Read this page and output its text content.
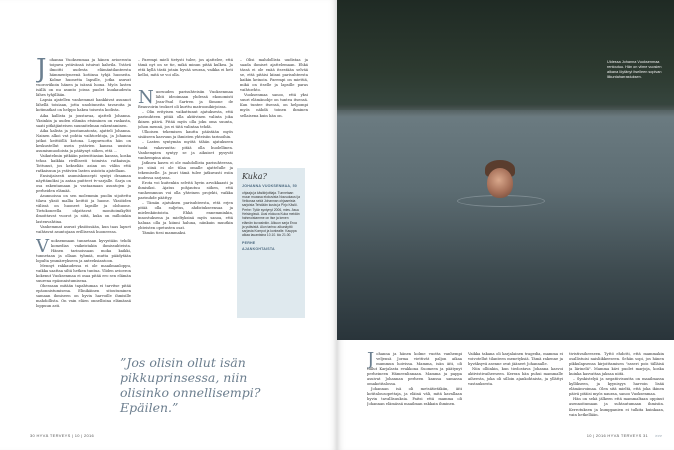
J ohanna Vuoksenmaa ja hänen avioerosta toipuva ystävänsä istuivat kahvila. Ystävä ilmoitti uudesta elämäntilanteesta hämmentyneenä kotiinsa tyhjä huoneita. Kolme huonetta lapsille, jotka asuvat vuoroviikoin hänen ja isänsä luona. Myös lasten isällä on nu asunto joissa puolet kuukaudesta lähes tyhjillään.

Lapsia ajatellen vanhemmat hankkivat asunnot lähellä toisiaan, jotta unohtuneita tavaroita ja kotimatkat on helppo hakea toisesta kodista.

Aika kallista ja joustavaa, ajatteli Johanna. Yksinkin ja uuden elämän etsiminen on raskasta, saati pitkäjänteisen suunnitelman rakentaminen.

Aika kalista ja joustamatonta, ajatteli Johanna. Nainen alkoi vat pohtia vaihtoehtoja, ja Johanna jatkoi keittiöllä kotona. Loppuvuotta hän on keskustellut usein ystävien kanssa uusista asumismuodoista ja päätynyt siihen, että ...

Vaikutelmin pitkään patenttiasian kanssa, koska tehoa kaikkia rivillisesti toimivia ratkaisuja. Tottunut, jos kekseliäs asian on väliin että ratkaisuun ja ystävien lasten asioista ajatellaan.

Ensisijaisesti asumiskonsepti syntyi draaman näyttämöksi ja antaa puitteet tv-sarjalle. Sarja on osa rakentamaan ja vastaamaan asuntojen ja perheiden elämää.

Asunnoissa on sen molemmin puolin sijoitettu tilava yksiö mallia keittiö ja huone. Yksiöiden välissä on huoneet lapsille ja olohuone. Tietokoneella ohjattavat monitoimikyltit ilmoittavat vuorot ja siitä, kuka on milloinkin lastenvahtina.

Vanhemmat asuvat yksiöissään, kun taas lapset vaihtavat asuntojaan erillisessä huoneessa.

V uoksenmaan tunnetaan kyvystään tehdä komedias vaikeistakin ihmissuhteista. Hänen tarinoissaan moka kaikki, tunnetaan ja ollaan tyhmiä, mutta päädytään lopulta ymmärrykseen ja anteeksiantoon.

Mennyt rakkaudessa ei ole maailmanloppu, vaikka saattaa siltä hetken tuntua. Yliden avioeron kokenut Vuoksenmaa ei osaa pitää ero sen elämän suurena epäonnistumisena.

Ohessaan mitään tapahtumaa ei tarvitse pitää epäonnistumisena. Elinikäinen sitoutuminen samaan ihmiseen on hyvin harvoille ihmisille mahdollista. On vain eläen onnellisina elämänsä loppuun asti.

– Parempi mieli tietysti tulee, jos ajattelee, että tämä nyt on se tie, mikä minun pitää kulkea. Ja että kyllä tästä jotain hyvää seuraa, vaikka ei heti kelloi, mitä se voi olla.

N uoruuden parisuhteisiin Vuoksenmaa lähti ideoimaan yhdessä ekonomisti Jean-Paul Sartren ja Simone de Beauvoirin teokset oli kurttu matroonikirjoissa.

– Olin erityisen vaikuttunut ajatuksesta, että parisuhteen pitää olla aktiivinen valinta joka ikinen päivä. Pitää myös olla joku oma suunta, johon mennä, jos ei tätä valintaa tehdä.

Ulkoisen tekemisen kautta päästään myös sisäiseen kasvuun ja ihmisten yhteisiin tarinoihin.

– Lasten syntymän myötä tähän ajatukseen tuoki vakavuutta: pitää olla huolellinen. Vanhempien syntyy se ja aikuiset pysyvät vanhempina aina.

Jatkuva kasvu ei ole mahdollista parisuhteessa, jos siinä ei ole tilaa omalle ajattelulle ja tekemiselle. Ja juuri tämä tulee jatkuvasti esiin uudessa sarjassa.

Erota voi kuitenkin selvitä hyvin arvokkaasti ja ihmisiksi. Ajatus pohjautuu siihen, että vanhemmuus voi olla yhteinen projekti, vaikka parisuhde päättyy.

– Tämän ajatuksen parisuhteesta, että erjen pitää olla suljetus, ahdistukseensaa ja mielenkiintoista. Ehkä ennemminkin, innostuksena ja mieltyksinä myös sanoa, että haluaa olla ja kiinni haluna, niinkuin muutkin yhteisten opetusten osat.

Tämän tiesi mammaksi.

– Olisi mahdollista uudistaa ja saada ihmiset ajattelemaan. Ehkä tässä ei ole enää itsestään selvää se, että pitäisi kiinni parisuhteesta kaikin keinoin. Parempi on miettiä, mikä on itselle ja lapsille paras vaihtoehto.

Vuoksenmaa sanoo, että yksi suuri elämänohje on tuntea itsensä. Kun tuntee itsensä, on helpompi myös nähdä toinen ihminen sellaisena kuin hän on.

Kuka?
JOHANNA VUOKSENMAA, 50
ohjaaja ja käsikirjoittaja. Tunnetaan muun muassa elokuvista Nousukausi ja Veikossa sekä Johannan ohjaamista sarjoista Tehdään kusta ja Pirjo Käslö. Perhe: Tytär syntynyt 2006, mies. Asuu Helsingissä. Uusi elokuva Kuka meidän hahmoistamme on itse ja kenen elämän kuvasinkin. Alkuun sarja Eroa ja ystävistä. Alun tarina: alkunäyttö sarjasta Kompot ja korkealle. Kauppa alkaa lauantaina 10.10. klo 21.00.
PERHE
AJANKOHTAISTA
”Jos olisin ollut isän pikkuprinsessa, niin olisinko onnellisempi? Epäilen.”
30 HYVÄ TERVEYS | 10 | 2016
Uidessa Johanna Vuoksenmaa rentoutuu. Hän on viime vuosien aikana löytänyt itselleen sopivan liikuntaharrastuksen.
J ohanna ja hänen kolme vuotta vanhempi veljensä Jorma viettivät paljon aikaa mummun hoivissa. Mamma, isän äiti, oli tullut Karjalasta evakkona Suomeen ja päätynyt perheineen Hämeenlinnaan. Mamma ja pappa asuivat Johannan perheen kanssa samassa omakotitalossa.

Johannan isä oli metsätietäkiin, äiti kotitalousopettaja, ja eläinä väli, mitä kavallaan hyvin tavallisuuksia. Paitsi että mamma oli Johannan elämässä maailman rakkain ihminen.

Vaikka takana oli karjalainen tragedia, mamma ei voivotellut tilanteen menetyksiä. Tämä rakenne ja hyväksyvä asenne ovat jääneet Johannalle.

Niin olliinkin, kun tiedostava Johanna kasvoi aktivistivaiheeseen. Kerran hän puhui mammalle aiheesta, joka oli silloin ajankohtaista, ja yllättyi vastauksesta.

tivistivaiheeseen. Tyttö ehdotti, että mammakin osallistuisi naisliikkeeseen. Sehän sopi, jos hänen pikkulapsensa kirjoittamisen "asseri pois tälläisä ja lärinelä". Mamma kävi puolet marjoja, koska kuinka kasvattaa jaksaa niitä.

– Synkistelyä ja negatiivisuutta on maailmassa kyllikseen, ja kyynisyys harvoin lisää elämänvoimaa. Olen sitä mieltä, että joka ikinen päivä pitäisi myös nauraa, sanoo Vuoksenmaa.

Hän on sekä jälkeen että mammaltaan oppinut asennoitumaan ja suhtautumaan ihmisiin. Kerrotuksen ja kumppanien ei tulkita kuinkaan, vain hetkellään.

10 | 2016 HYVÄ TERVEYS 31 >>>
